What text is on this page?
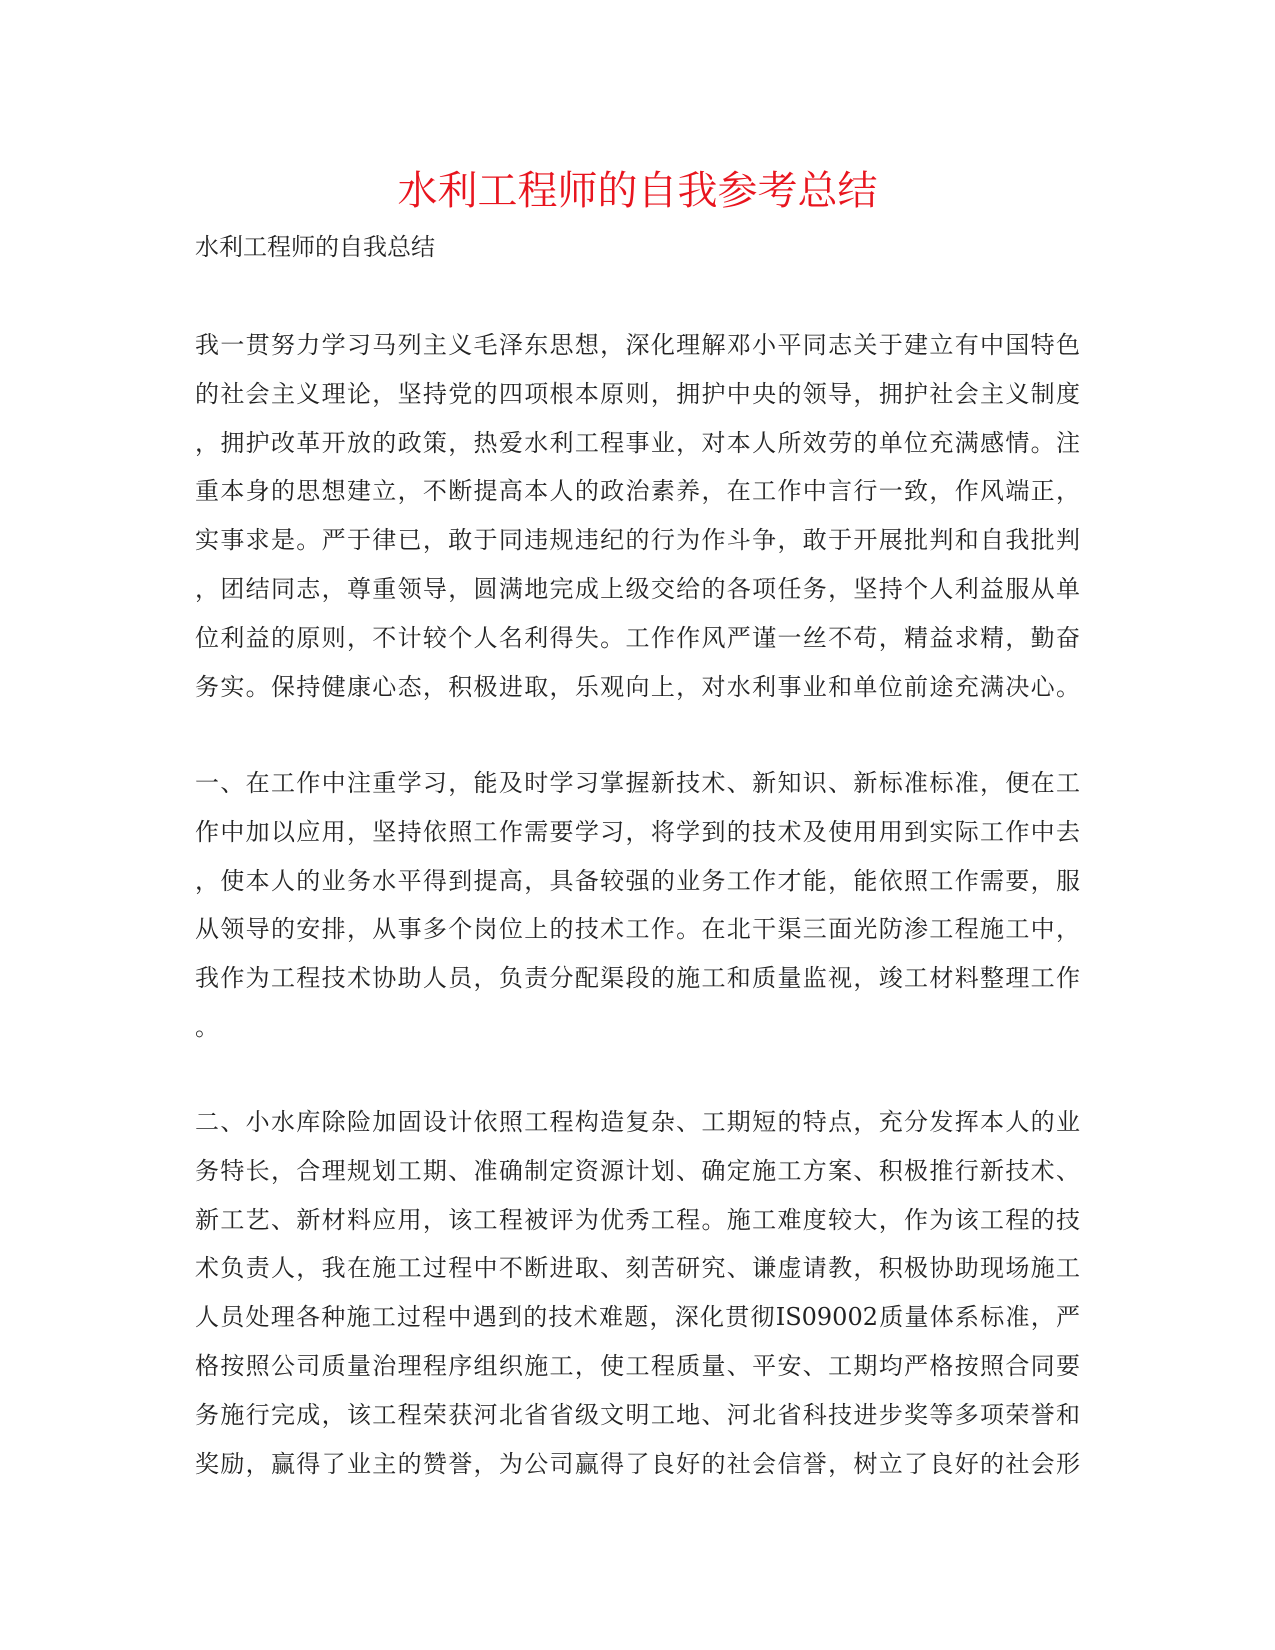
水利工程师的自我参考总结
水利工程师的自我总结
我一贯努力学习马列主义毛泽东思想，深化理解邓小平同志关于建立有中国特色
的社会主义理论，坚持党的四项根本原则，拥护中央的领导，拥护社会主义制度
，拥护改革开放的政策，热爱水利工程事业，对本人所效劳的单位充满感情。注
重本身的思想建立，不断提高本人的政治素养，在工作中言行一致，作风端正，
实事求是。严于律已，敢于同违规违纪的行为作斗争，敢于开展批判和自我批判
，团结同志，尊重领导，圆满地完成上级交给的各项任务，坚持个人利益服从单
位利益的原则，不计较个人名利得失。工作作风严谨一丝不苟，精益求精，勤奋
务实。保持健康心态，积极进取，乐观向上，对水利事业和单位前途充满决心。
一、在工作中注重学习，能及时学习掌握新技术、新知识、新标准标准，便在工
作中加以应用，坚持依照工作需要学习，将学到的技术及使用用到实际工作中去
，使本人的业务水平得到提高，具备较强的业务工作才能，能依照工作需要，服
从领导的安排，从事多个岗位上的技术工作。在北干渠三面光防渗工程施工中，
我作为工程技术协助人员，负责分配渠段的施工和质量监视，竣工材料整理工作
。
二、小水库除险加固设计依照工程构造复杂、工期短的特点，充分发挥本人的业
务特长，合理规划工期、准确制定资源计划、确定施工方案、积极推行新技术、
新工艺、新材料应用，该工程被评为优秀工程。施工难度较大，作为该工程的技
术负责人，我在施工过程中不断进取、刻苦研究、谦虚请教，积极协助现场施工
人员处理各种施工过程中遇到的技术难题，深化贯彻IS09002质量体系标准，严
格按照公司质量治理程序组织施工，使工程质量、平安、工期均严格按照合同要
务施行完成，该工程荣获河北省省级文明工地、河北省科技进步奖等多项荣誉和
奖励，赢得了业主的赞誉，为公司赢得了良好的社会信誉，树立了良好的社会形
